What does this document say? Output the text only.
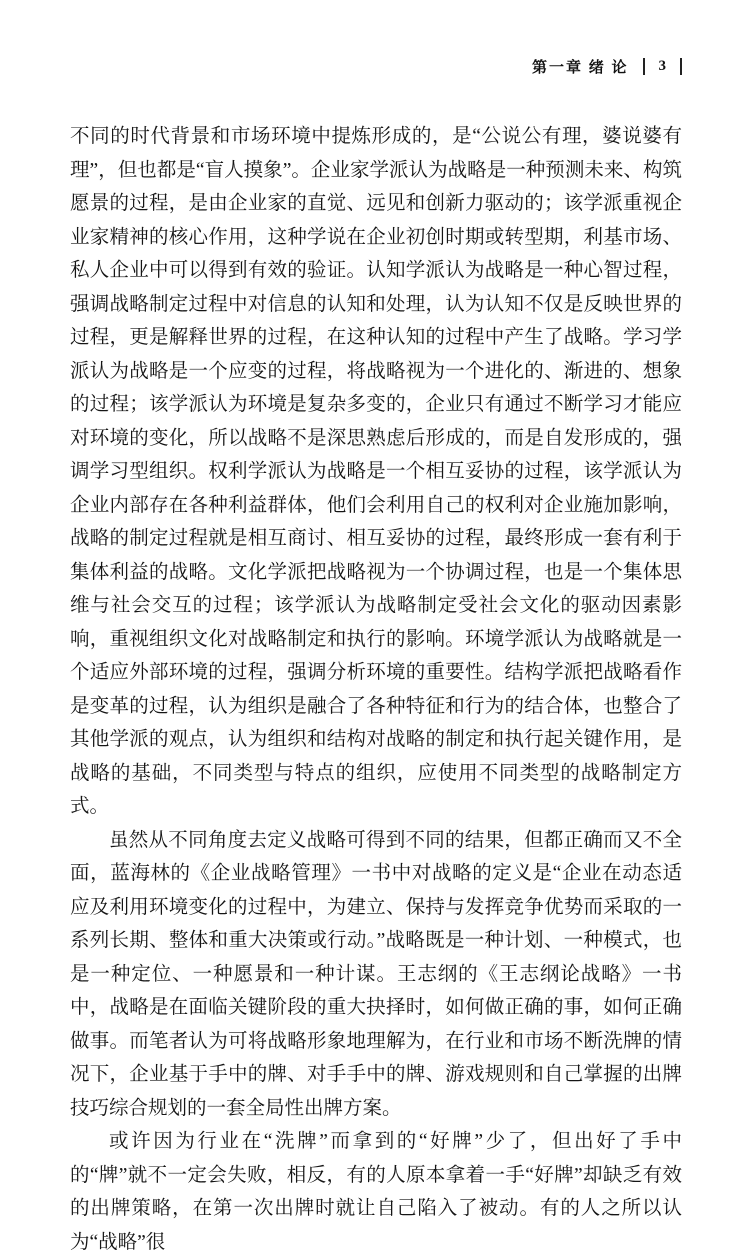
第一章 绪 论 3

不同的时代背景和市场环境中提炼形成的，是“公说公有理，婆说婆有理”，但也都是“盲人摸象”。企业家学派认为战略是一种预测未来、构筑愿景的过程，是由企业家的直觉、远见和创新力驱动的；该学派重视企业家精神的核心作用，这种学说在企业初创时期或转型期，利基市场、私人企业中可以得到有效的验证。认知学派认为战略是一种心智过程，强调战略制定过程中对信息的认知和处理，认为认知不仅是反映世界的过程，更是解释世界的过程，在这种认知的过程中产生了战略。学习学派认为战略是一个应变的过程，将战略视为一个进化的、渐进的、想象的过程；该学派认为环境是复杂多变的，企业只有通过不断学习才能应对环境的变化，所以战略不是深思熟虑后形成的，而是自发形成的，强调学习型组织。权利学派认为战略是一个相互妥协的过程，该学派认为企业内部存在各种利益群体，他们会利用自己的权利对企业施加影响，战略的制定过程就是相互商讨、相互妥协的过程，最终形成一套有利于集体利益的战略。文化学派把战略视为一个协调过程，也是一个集体思维与社会交互的过程；该学派认为战略制定受社会文化的驱动因素影响，重视组织文化对战略制定和执行的影响。环境学派认为战略就是一个适应外部环境的过程，强调分析环境的重要性。结构学派把战略看作是变革的过程，认为组织是融合了各种特征和行为的结合体，也整合了其他学派的观点，认为组织和结构对战略的制定和执行起关键作用，是战略的基础，不同类型与特点的组织，应使用不同类型的战略制定方式。

虽然从不同角度去定义战略可得到不同的结果，但都正确而又不全面，蓝海林的《企业战略管理》一书中对战略的定义是“企业在动态适应及利用环境变化的过程中，为建立、保持与发挥竞争优势而采取的一系列长期、整体和重大决策或行动。”战略既是一种计划、一种模式，也是一种定位、一种愿景和一种计谋。王志纲的《王志纲论战略》一书中，战略是在面临关键阶段的重大抉择时，如何做正确的事，如何正确做事。而笔者认为可将战略形象地理解为，在行业和市场不断洗牌的情况下，企业基于手中的牌、对手手中的牌、游戏规则和自己掌握的出牌技巧综合规划的一套全局性出牌方案。

或许因为行业在“洗牌”而拿到的“好牌”少了，但出好了手中的“牌”就不一定会失败，相反，有的人原本拿着一手“好牌”却缺乏有效的出牌策略，在第一次出牌时就让自己陷入了被动。有的人之所以认为“战略”很
